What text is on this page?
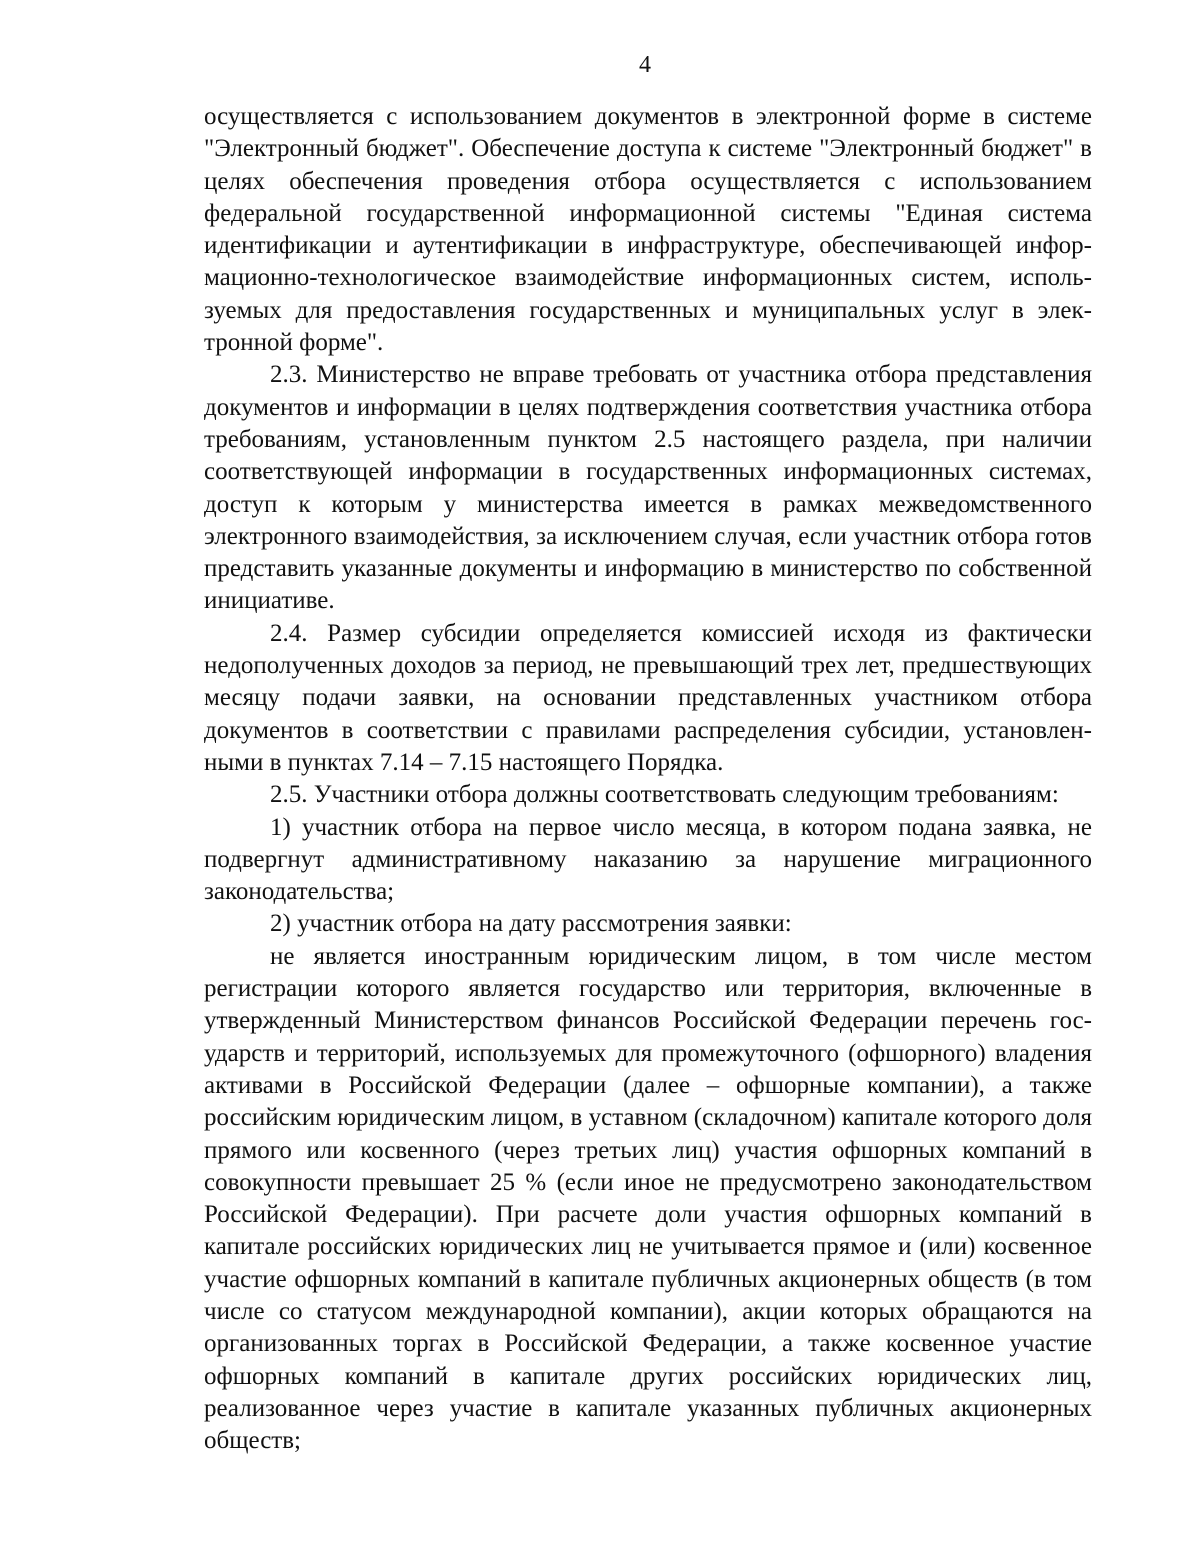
4

осуществляется с использованием документов в электронной форме в системе "Электронный бюджет". Обеспечение доступа к системе "Электронный бюджет" в целях обеспечения проведения отбора осуществляется с использованием федеральной государственной информационной системы "Единая система идентификации и аутентификации в инфраструктуре, обеспечивающей информационно-технологическое взаимодействие информационных систем, используемых для предоставления государственных и муниципальных услуг в электронной форме".

2.3. Министерство не вправе требовать от участника отбора представления документов и информации в целях подтверждения соответствия участника отбора требованиям, установленным пунктом 2.5 настоящего раздела, при наличии соответствующей информации в государственных информационных системах, доступ к которым у министерства имеется в рамках межведомственного электронного взаимодействия, за исключением случая, если участник отбора готов представить указанные документы и информацию в министерство по собственной инициативе.

2.4. Размер субсидии определяется комиссией исходя из фактически недополученных доходов за период, не превышающий трех лет, предшествующих месяцу подачи заявки, на основании представленных участником отбора документов в соответствии с правилами распределения субсидии, установленными в пунктах 7.14 – 7.15 настоящего Порядка.

2.5. Участники отбора должны соответствовать следующим требованиям:

1) участник отбора на первое число месяца, в котором подана заявка, не подвергнут административному наказанию за нарушение миграционного законодательства;

2) участник отбора на дату рассмотрения заявки:

не является иностранным юридическим лицом, в том числе местом регистрации которого является государство или территория, включенные в утвержденный Министерством финансов Российской Федерации перечень государств и территорий, используемых для промежуточного (офшорного) владения активами в Российской Федерации (далее – офшорные компании), а также российским юридическим лицом, в уставном (складочном) капитале которого доля прямого или косвенного (через третьих лиц) участия офшорных компаний в совокупности превышает 25 % (если иное не предусмотрено законодательством Российской Федерации). При расчете доли участия офшорных компаний в капитале российских юридических лиц не учитывается прямое и (или) косвенное участие офшорных компаний в капитале публичных акционерных обществ (в том числе со статусом международной компании), акции которых обращаются на организованных торгах в Российской Федерации, а также косвенное участие офшорных компаний в капитале других российских юридических лиц, реализованное через участие в капитале указанных публичных акционерных обществ;
